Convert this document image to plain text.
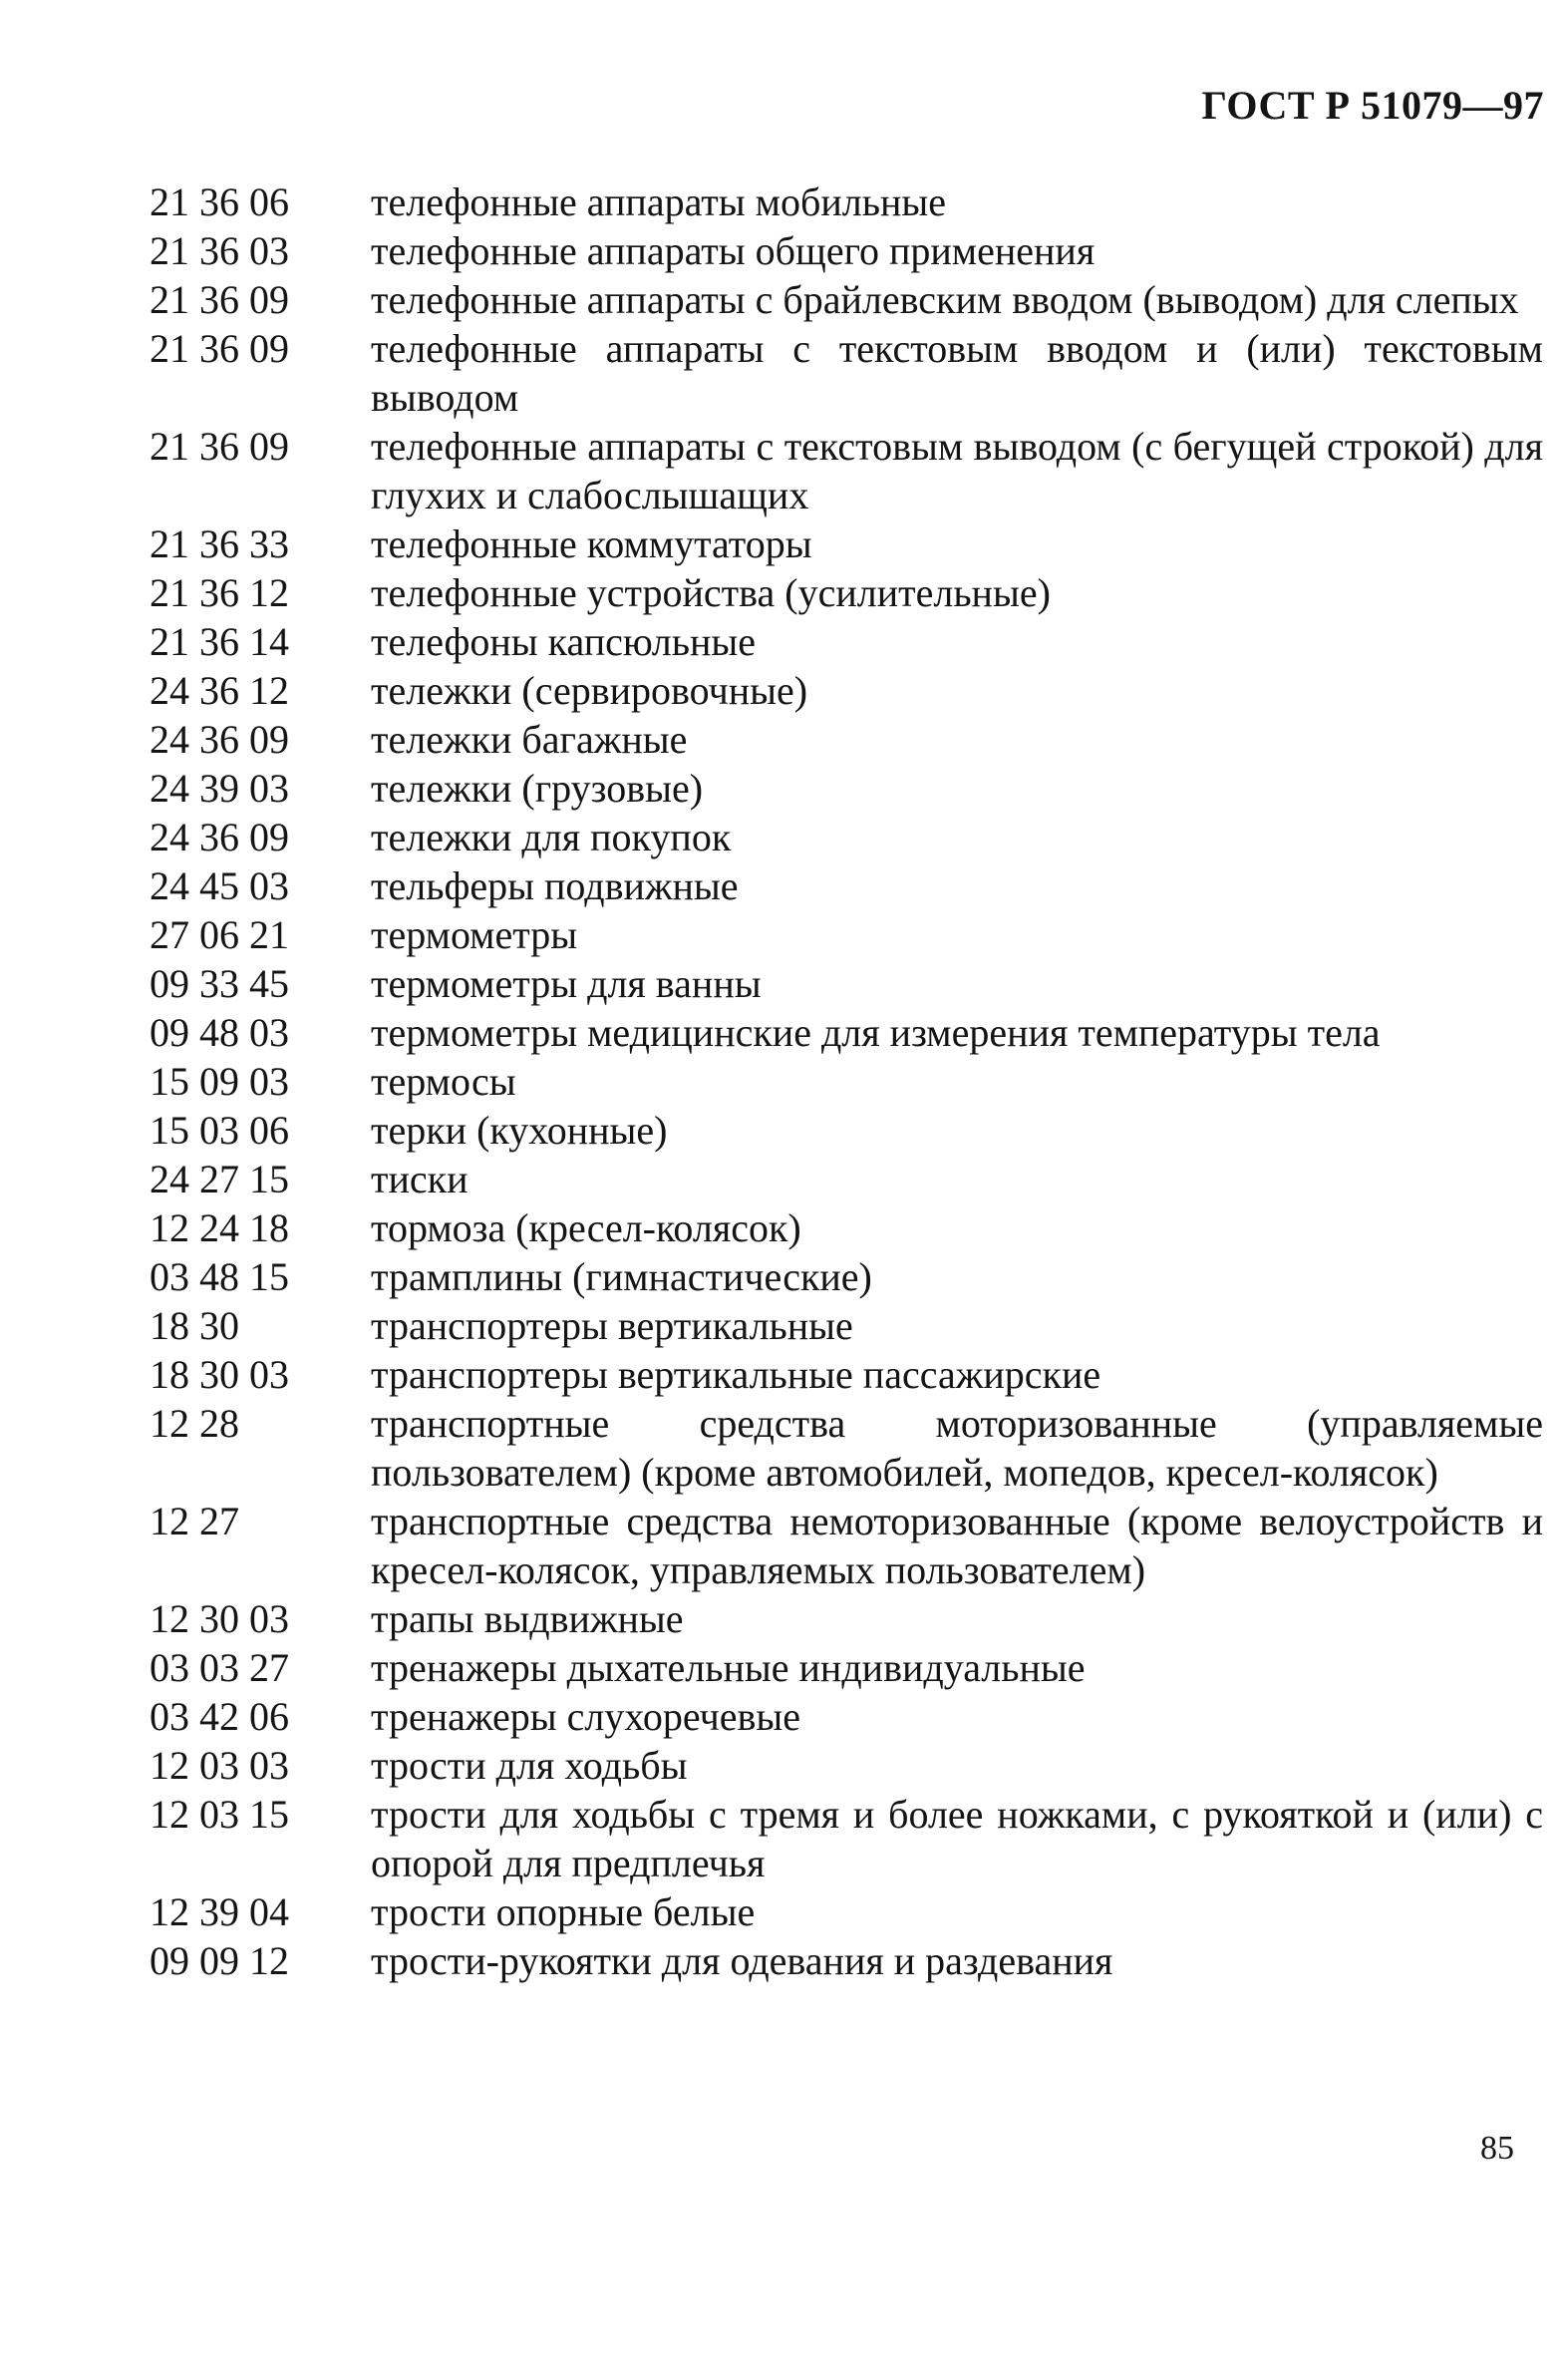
ГОСТ Р 51079—97
21 36 06	телефонные аппараты мобильные
21 36 03	телефонные аппараты общего применения
21 36 09	телефонные аппараты с брайлевским вводом (выводом) для слепых
21 36 09	телефонные аппараты с текстовым вводом и (или) текстовым выводом
21 36 09	телефонные аппараты с текстовым выводом (с бегущей строкой) для глухих и слабослышащих
21 36 33	телефонные коммутаторы
21 36 12	телефонные устройства (усилительные)
21 36 14	телефоны капсюльные
24 36 12	тележки (сервировочные)
24 36 09	тележки багажные
24 39 03	тележки (грузовые)
24 36 09	тележки для покупок
24 45 03	тельферы подвижные
27 06 21	термометры
09 33 45	термометры для ванны
09 48 03	термометры медицинские для измерения температуры тела
15 09 03	термосы
15 03 06	терки (кухонные)
24 27 15	тиски
12 24 18	тормоза (кресел-колясок)
03 48 15	трамплины (гимнастические)
18 30	транспортеры вертикальные
18 30 03	транспортеры вертикальные пассажирские
12 28	транспортные средства моторизованные (управляемые пользователем) (кроме автомобилей, мопедов, кресел-колясок)
12 27	транспортные средства немоторизованные (кроме велоустройств и кресел-колясок, управляемых пользователем)
12 30 03	трапы выдвижные
03 03 27	тренажеры дыхательные индивидуальные
03 42 06	тренажеры слухоречевые
12 03 03	трости для ходьбы
12 03 15	трости для ходьбы с тремя и более ножками, с рукояткой и (или) с опорой для предплечья
12 39 04	трости опорные белые
09 09 12	трости-рукоятки для одевания и раздевания
85
